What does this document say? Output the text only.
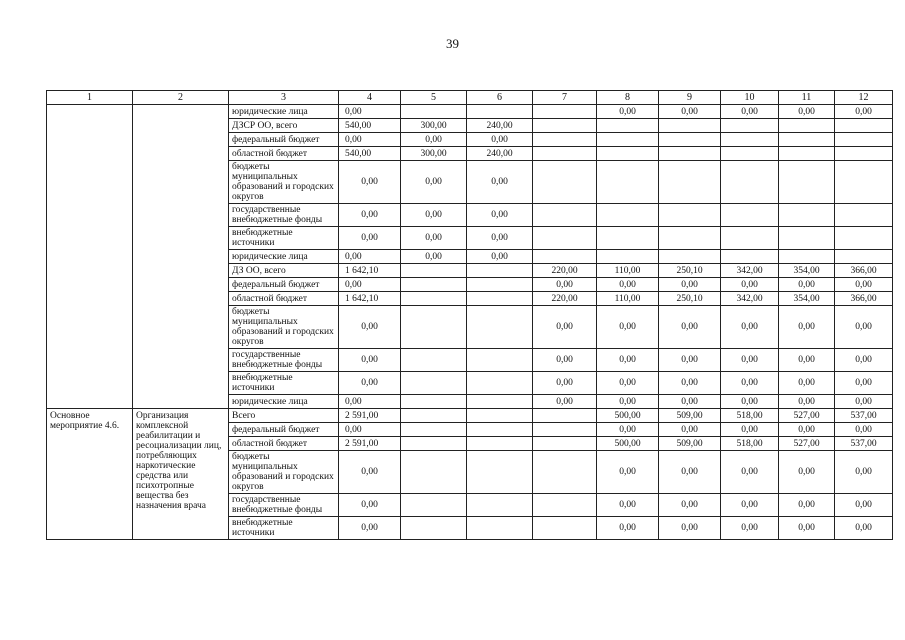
39
1	2	3	4	5	6	7	8	9	10	11	12
		юридические лица	0,00				0,00	0,00	0,00	0,00	0,00
		ДЗСР ОО, всего	540,00	300,00	240,00						
		федеральный бюджет	0,00	0,00	0,00						
		областной бюджет	540,00	300,00	240,00						
		бюджеты муниципальных образований и городских округов	0,00	0,00	0,00						
		государственные внебюджетные фонды	0,00	0,00	0,00						
		внебюджетные источники	0,00	0,00	0,00						
		юридические лица	0,00	0,00	0,00						
		ДЗ ОО, всего	1 642,10			220,00	110,00	250,10	342,00	354,00	366,00
		федеральный бюджет	0,00			0,00	0,00	0,00	0,00	0,00	0,00
		областной бюджет	1 642,10			220,00	110,00	250,10	342,00	354,00	366,00
		бюджеты муниципальных образований и городских округов	0,00			0,00	0,00	0,00	0,00	0,00	0,00
		государственные внебюджетные фонды	0,00			0,00	0,00	0,00	0,00	0,00	0,00
		внебюджетные источники	0,00			0,00	0,00	0,00	0,00	0,00	0,00
		юридические лица	0,00			0,00	0,00	0,00	0,00	0,00	0,00
Основное мероприятие 4.6.	Организация комплексной реабилитации и ресоциализации лиц, потребляющих наркотические средства или психотропные вещества без назначения врача	Всего	2 591,00				500,00	509,00	518,00	527,00	537,00
		федеральный бюджет	0,00				0,00	0,00	0,00	0,00	0,00
		областной бюджет	2 591,00				500,00	509,00	518,00	527,00	537,00
		бюджеты муниципальных образований и городских округов	0,00				0,00	0,00	0,00	0,00	0,00
		государственные внебюджетные фонды	0,00				0,00	0,00	0,00	0,00	0,00
		внебюджетные источники	0,00				0,00	0,00	0,00	0,00	0,00
